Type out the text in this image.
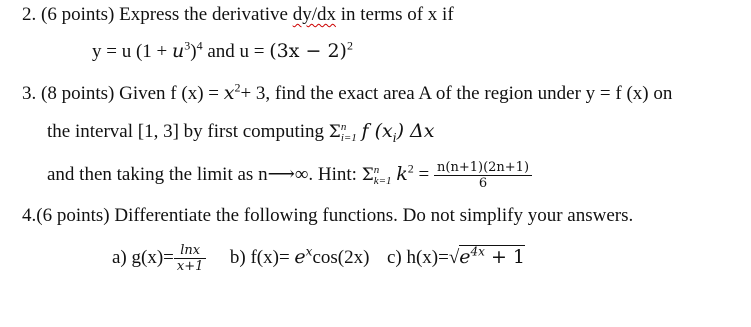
2. (6 points) Express the derivative dy/dx in terms of x if
y = u $(1 + u^3)^4$ and $u = (3x - 2)^2$
3. (8 points) Given f $(x) = x^2+ 3$, find the exact area A of the region under y = f (x) on
the interval [1, 3] by first computing Σ n
i=1 f $(x_i)$ Δx
and then taking the limit as n⟶∞. Hint: Σ n
k=1 $k^2 = \frac{n(n+1)(2n+1)}{6}$
4.(6 points) Differentiate the following functions. Do not simplify your answers.
a) $g(x)= \frac{\ln x}{x+1} b$) $f(x)= e^x\cos(2x)$ c) $h(x)=√e^{4x} + 1$
